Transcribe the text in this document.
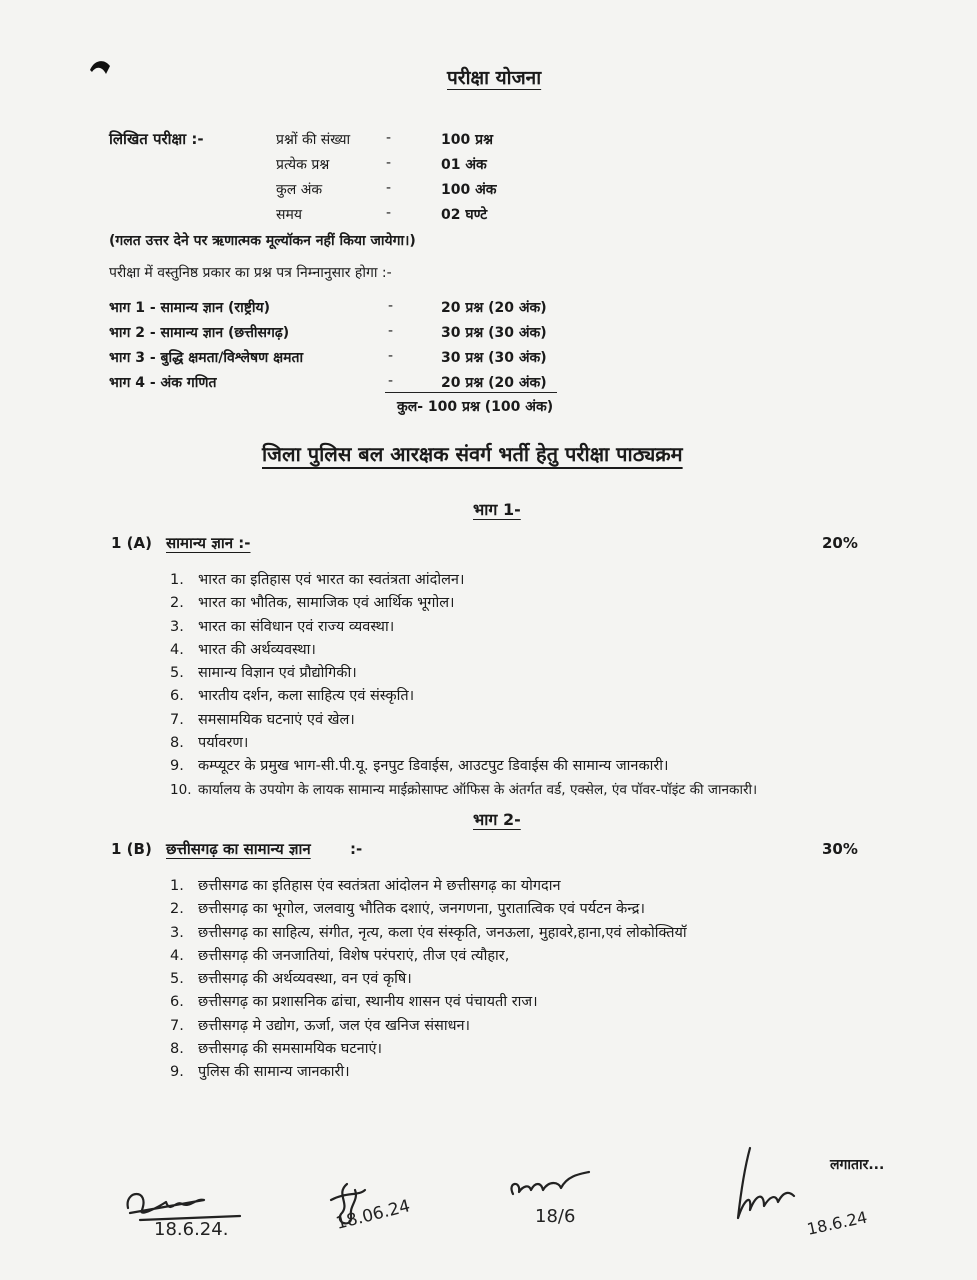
परीक्षा योजना
लिखित परीक्षा :-	प्रश्नों की संख्या	-	100 प्रश्न
प्रत्येक प्रश्न	-	01 अंक
कुल अंक	-	100 अंक
समय	-	02 घण्टे
(गलत उत्तर देने पर ऋणात्मक मूल्यॉकन नहीं किया जायेगा।)
परीक्षा में वस्तुनिष्ठ प्रकार का प्रश्न पत्र निम्नानुसार होगा :-
भाग 1 - सामान्य ज्ञान (राष्ट्रीय)	-	20 प्रश्न (20 अंक)
भाग 2 - सामान्य ज्ञान (छत्तीसगढ़)	-	30 प्रश्न (30 अंक)
भाग 3 - बुद्धि क्षमता/विश्लेषण क्षमता	-	30 प्रश्न (30 अंक)
भाग 4 - अंक गणित	-	20 प्रश्न (20 अंक)
कुल- 100 प्रश्न (100 अंक)
जिला पुलिस बल आरक्षक संवर्ग भर्ती हेतु परीक्षा पाठ्यक्रम
भाग 1-
1 (A) सामान्य ज्ञान :-	20%
1. भारत का इतिहास एवं भारत का स्वतंत्रता आंदोलन।
2. भारत का भौतिक, सामाजिक एवं आर्थिक भूगोल।
3. भारत का संविधान एवं राज्य व्यवस्था।
4. भारत की अर्थव्यवस्था।
5. सामान्य विज्ञान एवं प्रौद्योगिकी।
6. भारतीय दर्शन, कला साहित्य एवं संस्कृति।
7. समसामयिक घटनाएं एवं खेल।
8. पर्यावरण।
9. कम्प्यूटर के प्रमुख भाग-सी.पी.यू. इनपुट डिवाईस, आउटपुट डिवाईस की सामान्य जानकारी।
10. कार्यालय के उपयोग के लायक सामान्य माईक्रोसाफ्ट ऑफिस के अंतर्गत वर्ड, एक्सेल, एंव पॉवर-पॉइंट की जानकारी।
भाग 2-
1 (B) छत्तीसगढ़ का सामान्य ज्ञान	:-	30%
1. छत्तीसगढ का इतिहास एंव स्वतंत्रता आंदोलन मे छत्तीसगढ़ का योगदान
2. छत्तीसगढ़ का भूगोल, जलवायु भौतिक दशाएं, जनगणना, पुरातात्विक एवं पर्यटन केन्द्र।
3. छत्तीसगढ़ का साहित्य, संगीत, नृत्य, कला एंव संस्कृति, जनऊला, मुहावरे,हाना,एवं लोकोक्तियॉ
4. छत्तीसगढ़ की जनजातियां, विशेष परंपराएं, तीज एवं त्यौहार,
5. छत्तीसगढ़ की अर्थव्यवस्था, वन एवं कृषि।
6. छत्तीसगढ़ का प्रशासनिक ढांचा, स्थानीय शासन एवं पंचायती राज।
7. छत्तीसगढ़ मे उद्योग, ऊर्जा, जल एंव खनिज संसाधन।
8. छत्तीसगढ़ की समसामयिक घटनाएं।
9. पुलिस की सामान्य जानकारी।
लगातार...
18.6.24.	18.06.24	18/6	18.6.24
